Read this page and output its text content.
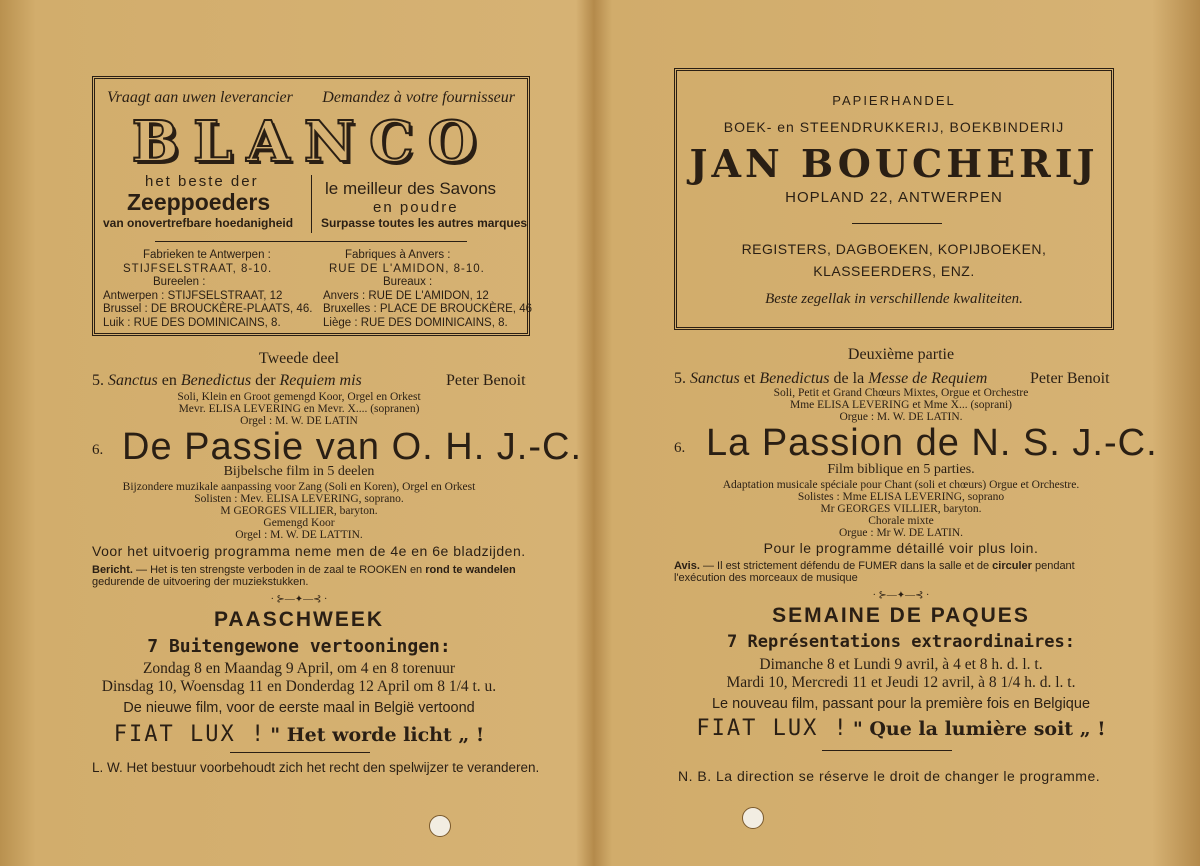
Vraagt aan uwen leverancier Demandez à votre fournisseur
BLANCO
het beste der
Zeeppoeders
van onovertrefbare hoedanigheid
le meilleur des Savons
en poudre
Surpasse toutes les autres marques
Fabrieken te Antwerpen :
STIJFSELSTRAAT, 8-10.
Bureelen :
Antwerpen : STIJFSELSTRAAT, 12
Brussel : DE BROUCKÈRE-PLAATS, 46.
Luik : RUE DES DOMINICAINS, 8.
Fabriques à Anvers :
RUE DE L'AMIDON, 8-10.
Bureaux :
Anvers : RUE DE L'AMIDON, 12
Bruxelles : PLACE DE BROUCKÈRE, 46
Liège : RUE DES DOMINICAINS, 8.
Tweede deel
5. Sanctus en Benedictus der Requiem mis	Peter Benoit
Soli, Klein en Groot gemengd Koor, Orgel en Orkest
Mevr. ELISA LEVERING en Mevr. X.... (sopranen)
Orgel : M. W. DE LATIN
6. De Passie van O. H. J.-C.
Bijbelsche film in 5 deelen
Bijzondere muzikale aanpassing voor Zang (Soli en Koren), Orgel en Orkest
Solisten : Mev. ELISA LEVERING, soprano.
M GEORGES VILLIER, baryton.
Gemengd Koor
Orgel : M. W. DE LATTIN.
Voor het uitvoerig programma neme men de 4e en 6e bladzijden.
Bericht. — Het is ten strengste verboden in de zaal te ROOKEN en rond te wandelen gedurende de uitvoering der muziekstukken.
· ⊱—✦—⊰ ·
PAASCHWEEK
7 Buitengewone vertooningen:
Zondag 8 en Maandag 9 April, om 4 en 8 torenuur
Dinsdag 10, Woensdag 11 en Donderdag 12 April om 8 1/4 t. u.
De nieuwe film, voor de eerste maal in België vertoond
FIAT LUX ! " Het worde licht „ !
L. W. Het bestuur voorbehoudt zich het recht den spelwijzer te veranderen.
PAPIERHANDEL
BOEK- en STEENDRUKKERIJ, BOEKBINDERIJ
JAN BOUCHERIJ
HOPLAND 22, ANTWERPEN
REGISTERS, DAGBOEKEN, KOPIJBOEKEN,
KLASSEERDERS, ENZ.
Beste zegellak in verschillende kwaliteiten.
Deuxième partie
5. Sanctus et Benedictus de la Messe de Requiem	Peter Benoit
Soli, Petit et Grand Chœurs Mixtes, Orgue et Orchestre
Mme ELISA LEVERING et Mme X... (soprani)
Orgue : M. W. DE LATIN.
6. La Passion de N. S. J.-C.
Film biblique en 5 parties.
Adaptation musicale spéciale pour Chant (soli et chœurs) Orgue et Orchestre.
Solistes : Mme ELISA LEVERING, soprano
Mr GEORGES VILLIER, baryton.
Chorale mixte
Orgue : Mr W. DE LATIN.
Pour le programme détaillé voir plus loin.
Avis. — Il est strictement défendu de FUMER dans la salle et de circuler pendant l'exécution des morceaux de musique
· ⊱—✦—⊰ ·
SEMAINE DE PAQUES
7 Représentations extraordinaires:
Dimanche 8 et Lundi 9 avril, à 4 et 8 h. d. l. t.
Mardi 10, Mercredi 11 et Jeudi 12 avril, à 8 1/4 h. d. l. t.
Le nouveau film, passant pour la première fois en Belgique
FIAT LUX ! " Que la lumière soit „ !
N. B. La direction se réserve le droit de changer le programme.
